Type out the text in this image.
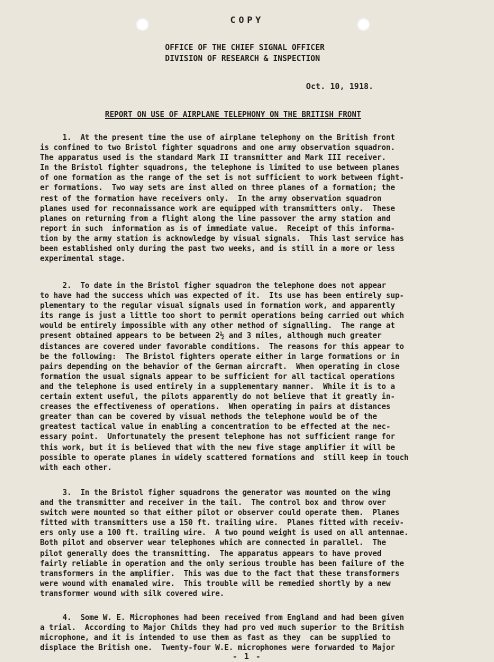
COPY
OFFICE OF THE CHIEF SIGNAL OFFICER
DIVISION OF RESEARCH & INSPECTION
Oct. 10, 1918.
REPORT ON USE OF AIRPLANE TELEPHONY ON THE BRITISH FRONT
1.  At the present time the use of airplane telephony on the British front
is confined to two Bristol fighter squadrons and one army observation squadron.
The apparatus used is the standard Mark II transmitter and Mark III receiver.
In the Bristol fighter squadrons, the telephone is limited to use between planes
of one formation as the range of the set is not sufficient to work between fight-
er formations.  Two way sets are inst alled on three planes of a formation; the
rest of the formation have receivers only.  In the army observation squadron
planes used for reconnaissance work are equipped with transmitters only.  These
planes on returning from a flight along the line passover the army station and
report in such  information as is of immediate value.  Receipt of this informa-
tion by the army station is acknowledge by visual signals.  This last service has
been established only during the past two weeks, and is still in a more or less
experimental stage.
2.  To date in the Bristol figher squadron the telephone does not appear
to have had the success which was expected of it.  Its use has been entirely sup-
plementary to the regular visual signals used in formation work, and apparently
its range is just a little too short to permit operations being carried out which
would be entirely impossible with any other method of signalling.  The range at
present obtained appears to be between 2½ and 3 miles, although much greater
distances are covered under favorable conditions.  The reasons for this appear to
be the following:  The Bristol fighters operate either in large formations or in
pairs depending on the behavior of the German aircraft.  When operating in close
formation the usual signals appear to be sufficient for all tactical operations
and the telephone is used entirely in a supplementary manner.  While it is to a
certain extent useful, the pilots apparently do not believe that it greatly in-
creases the effectiveness of operations.  When operating in pairs at distances
greater than can be covered by visual methods the telephone would be of the
greatest tactical value in enabling a concentration to be effected at the nec-
essary point.  Unfortunately the present telephone has not sufficient range for
this work, but it is believed that with the new five stage amplifier it will be
possible to operate planes in widely scattered formations and  still keep in touch
with each other.
3.  In the Bristol figher squadrons the generator was mounted on the wing
and the transmitter and receiver in the tail.  The control box and throw over
switch were mounted so that either pilot or observer could operate them.  Planes
fitted with transmitters use a 150 ft. trailing wire.  Planes fitted with receiv-
ers only use a 100 ft. trailing wire.  A two pound weight is used on all antennae.
Both pilot and observer wear telephones which are connected in parallel.  The
pilot generally does the transmitting.  The apparatus appears to have proved
fairly reliable in operation and the only serious trouble has been failure of the
transformers in the amplifier.  This was due to the fact that these transformers
were wound with enamaled wire.  This trouble will be remedied shortly by a new
transformer wound with silk covered wire.
4.  Some W. E. Microphones had been received from England and had been given
a trial.  According to Major Childs they had pro ved much superior to the British
microphone, and it is intended to use them as fast as they  can be supplied to
displace the British one.  Twenty-four W.E. microphones were forwarded to Major
- 1 -
